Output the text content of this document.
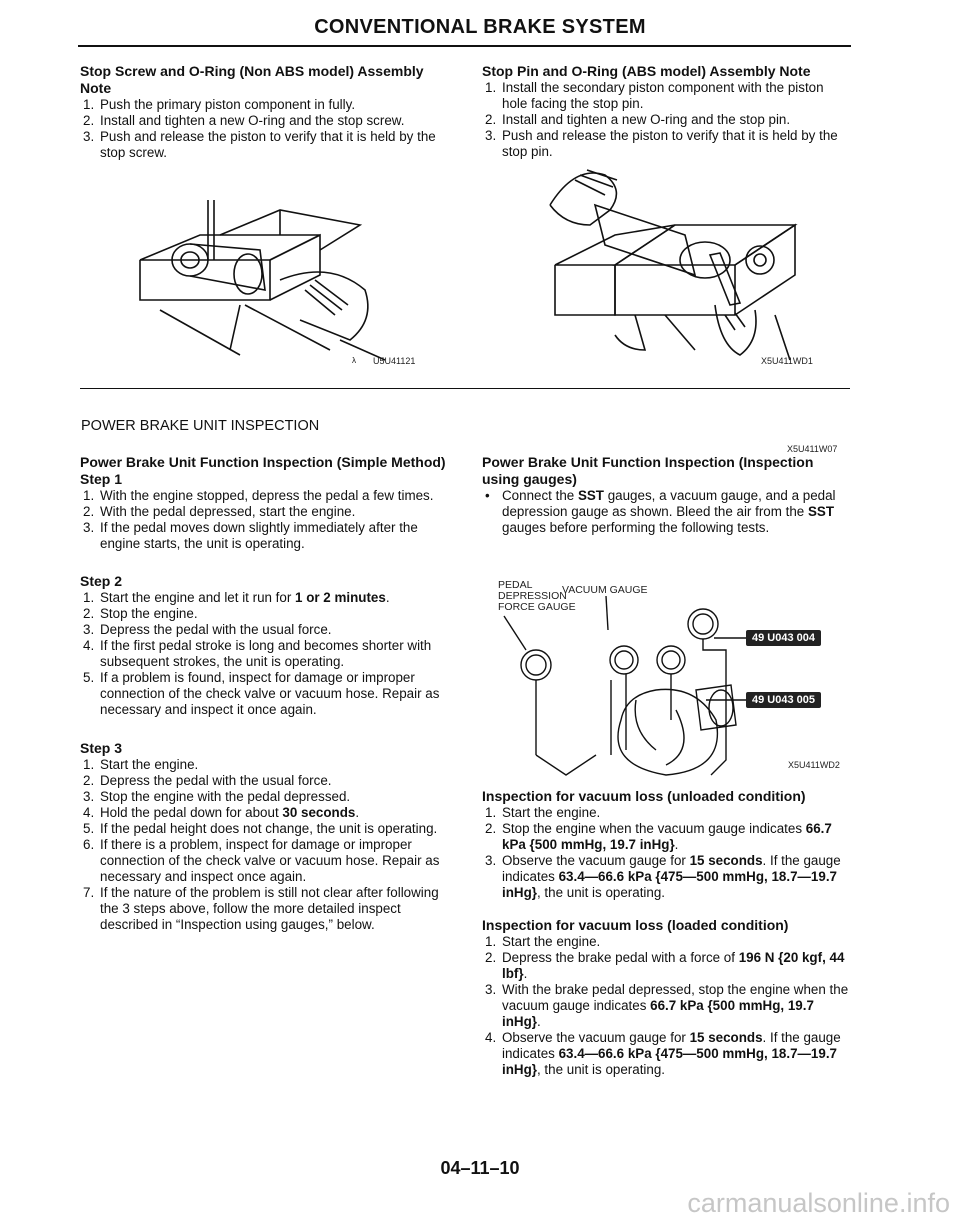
CONVENTIONAL BRAKE SYSTEM
Stop Screw and O-Ring (Non ABS model) Assembly Note
1. Push the primary piston component in fully.
2. Install and tighten a new O-ring and the stop screw.
3. Push and release the piston to verify that it is held by the stop screw.
λ U5U41121
Stop Pin and O-Ring (ABS model) Assembly Note
1. Install the secondary piston component with the piston hole facing the stop pin.
2. Install and tighten a new O-ring and the stop pin.
3. Push and release the piston to verify that it is held by the stop pin.
X5U411WD1
POWER BRAKE UNIT INSPECTION
X5U411W07
Power Brake Unit Function Inspection (Simple Method)
Step 1
1. With the engine stopped, depress the pedal a few times.
2. With the pedal depressed, start the engine.
3. If the pedal moves down slightly immediately after the engine starts, the unit is operating.
Step 2
1. Start the engine and let it run for 1 or 2 minutes.
2. Stop the engine.
3. Depress the pedal with the usual force.
4. If the first pedal stroke is long and becomes shorter with subsequent strokes, the unit is operating.
5. If a problem is found, inspect for damage or improper connection of the check valve or vacuum hose. Repair as necessary and inspect it once again.
Step 3
1. Start the engine.
2. Depress the pedal with the usual force.
3. Stop the engine with the pedal depressed.
4. Hold the pedal down for about 30 seconds.
5. If the pedal height does not change, the unit is operating.
6. If there is a problem, inspect for damage or improper connection of the check valve or vacuum hose. Repair as necessary and inspect once again.
7. If the nature of the problem is still not clear after following the 3 steps above, follow the more detailed inspect described in “Inspection using gauges,” below.
Power Brake Unit Function Inspection (Inspection using gauges)
• Connect the SST gauges, a vacuum gauge, and a pedal depression gauge as shown. Bleed the air from the SST gauges before performing the following tests.
PEDAL
DEPRESSION
FORCE GAUGE
VACUUM GAUGE
49 U043 004
49 U043 005
X5U411WD2
Inspection for vacuum loss (unloaded condition)
1. Start the engine.
2. Stop the engine when the vacuum gauge indicates 66.7 kPa {500 mmHg, 19.7 inHg}.
3. Observe the vacuum gauge for 15 seconds. If the gauge indicates 63.4—66.6 kPa {475—500 mmHg, 18.7—19.7 inHg}, the unit is operating.
Inspection for vacuum loss (loaded condition)
1. Start the engine.
2. Depress the brake pedal with a force of 196 N {20 kgf, 44 lbf}.
3. With the brake pedal depressed, stop the engine when the vacuum gauge indicates 66.7 kPa {500 mmHg, 19.7 inHg}.
4. Observe the vacuum gauge for 15 seconds. If the gauge indicates 63.4—66.6 kPa {475—500 mmHg, 18.7—19.7 inHg}, the unit is operating.
04–11–10
carmanualsonline.info
